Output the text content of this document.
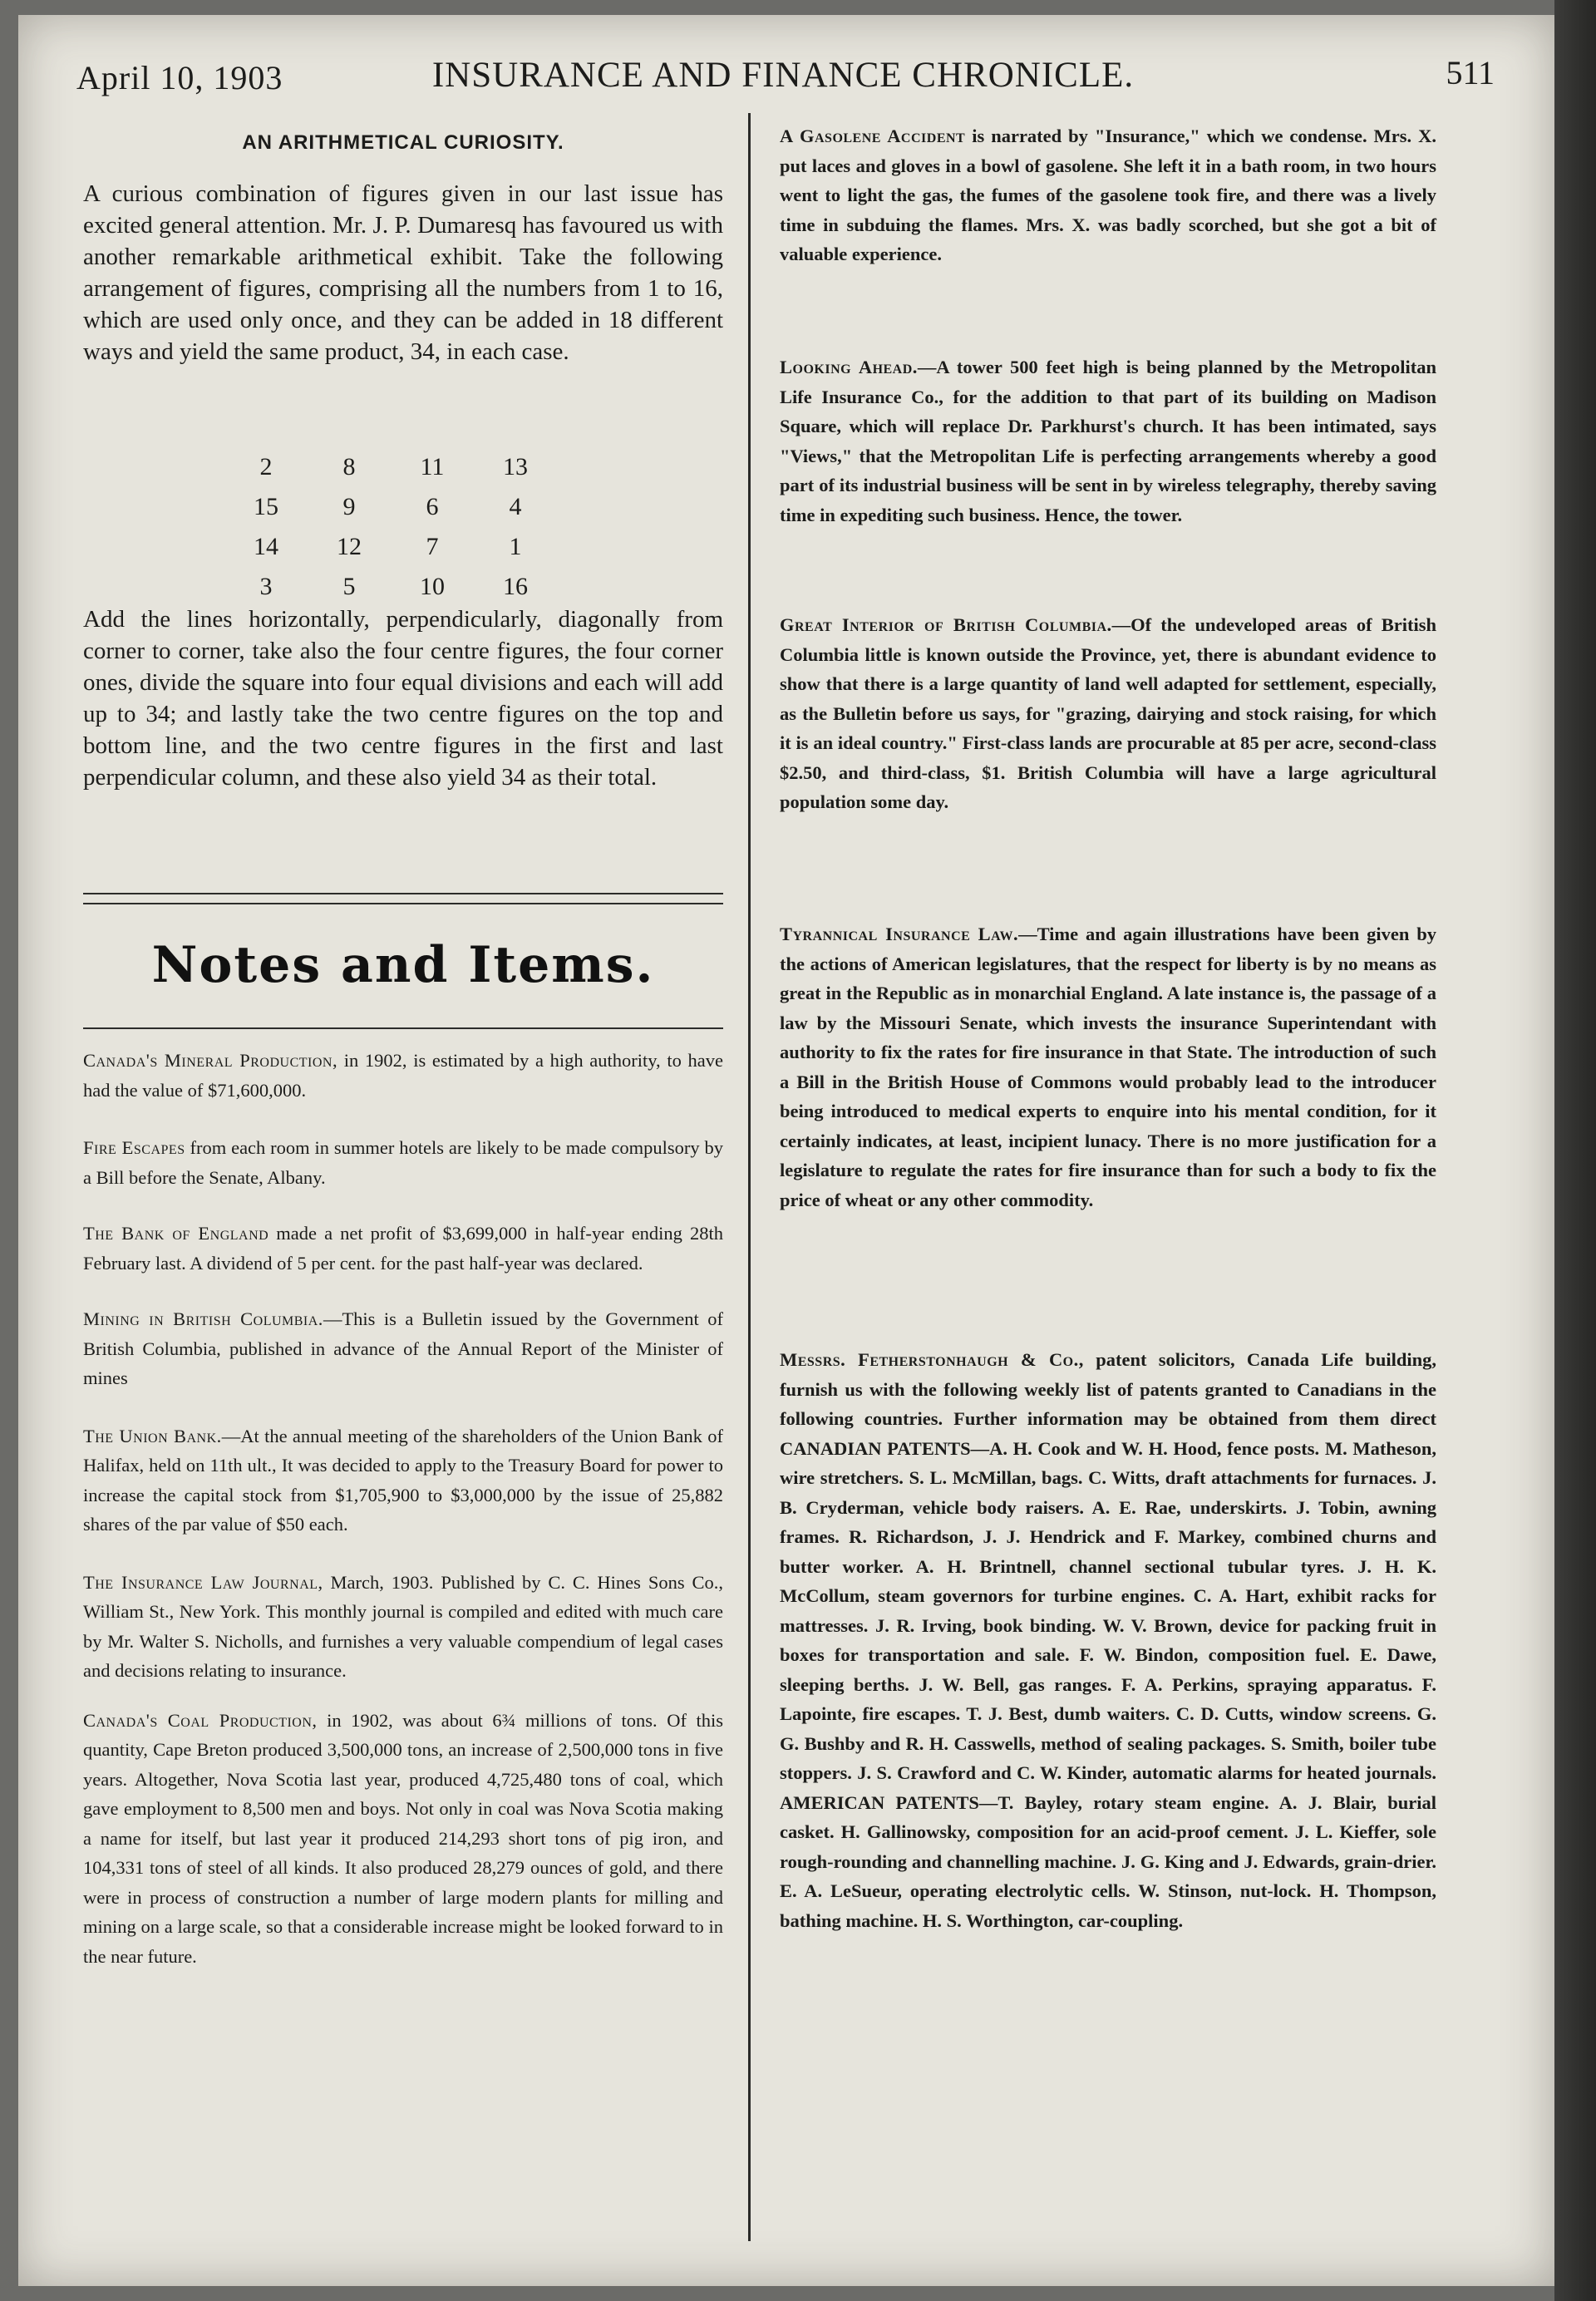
April 10, 1903	INSURANCE AND FINANCE CHRONICLE.	511
AN ARITHMETICAL CURIOSITY.

A curious combination of figures given in our last issue has excited general attention. Mr. J. P. Dumaresq has favoured us with another remarkable arithmetical exhibit. Take the following arrangement of figures, comprising all the numbers from 1 to 16, which are used only once, and they can be added in 18 different ways and yield the same product, 34, in each case.

2	8	11	13
15	9	6	4
14	12	7	1
3	5	10	16

Add the lines horizontally, perpendicularly, diagonally from corner to corner, take also the four centre figures, the four corner ones, divide the square into four equal divisions and each will add up to 34; and lastly take the two centre figures on the top and bottom line, and the two centre figures in the first and last perpendicular column, and these also yield 34 as their total.

Notes and Items.

Canada's Mineral Production, in 1902, is estimated by a high authority, to have had the value of $71,600,000.

Fire Escapes from each room in summer hotels are likely to be made compulsory by a Bill before the Senate, Albany.

The Bank of England made a net profit of $3,699,000 in half-year ending 28th February last. A dividend of 5 per cent. for the past half-year was declared.

Mining in British Columbia.—This is a Bulletin issued by the Government of British Columbia, published in advance of the Annual Report of the Minister of mines

The Union Bank.—At the annual meeting of the shareholders of the Union Bank of Halifax, held on 11th ult., It was decided to apply to the Treasury Board for power to increase the capital stock from $1,705,900 to $3,000,000 by the issue of 25,882 shares of the par value of $50 each.

The Insurance Law Journal, March, 1903. Published by C. C. Hines Sons Co., William St., New York. This monthly journal is compiled and edited with much care by Mr. Walter S. Nicholls, and furnishes a very valuable compendium of legal cases and decisions relating to insurance.

Canada's Coal Production, in 1902, was about 6¾ millions of tons. Of this quantity, Cape Breton produced 3,500,000 tons, an increase of 2,500,000 tons in five years. Altogether, Nova Scotia last year, produced 4,725,480 tons of coal, which gave employment to 8,500 men and boys. Not only in coal was Nova Scotia making a name for itself, but last year it produced 214,293 short tons of pig iron, and 104,331 tons of steel of all kinds. It also produced 28,279 ounces of gold, and there were in process of construction a number of large modern plants for milling and mining on a large scale, so that a considerable increase might be looked forward to in the near future.

A Gasolene Accident is narrated by "Insurance," which we condense. Mrs. X. put laces and gloves in a bowl of gasolene. She left it in a bath room, in two hours went to light the gas, the fumes of the gasolene took fire, and there was a lively time in subduing the flames. Mrs. X. was badly scorched, but she got a bit of valuable experience.

Looking Ahead.—A tower 500 feet high is being planned by the Metropolitan Life Insurance Co., for the addition to that part of its building on Madison Square, which will replace Dr. Parkhurst's church. It has been intimated, says "Views," that the Metropolitan Life is perfecting arrangements whereby a good part of its industrial business will be sent in by wireless telegraphy, thereby saving time in expediting such business. Hence, the tower.

Great Interior of British Columbia.—Of the undeveloped areas of British Columbia little is known outside the Province, yet, there is abundant evidence to show that there is a large quantity of land well adapted for settlement, especially, as the Bulletin before us says, for "grazing, dairying and stock raising, for which it is an ideal country." First-class lands are procurable at 85 per acre, second-class $2.50, and third-class, $1. British Columbia will have a large agricultural population some day.

Tyrannical Insurance Law.—Time and again illustrations have been given by the actions of American legislatures, that the respect for liberty is by no means as great in the Republic as in monarchial England. A late instance is, the passage of a law by the Missouri Senate, which invests the insurance Superintendant with authority to fix the rates for fire insurance in that State. The introduction of such a Bill in the British House of Commons would probably lead to the introducer being introduced to medical experts to enquire into his mental condition, for it certainly indicates, at least, incipient lunacy. There is no more justification for a legislature to regulate the rates for fire insurance than for such a body to fix the price of wheat or any other commodity.

Messrs. Fetherstonhaugh & Co., patent solicitors, Canada Life building, furnish us with the following weekly list of patents granted to Canadians in the following countries. Further information may be obtained from them direct CANADIAN PATENTS—A. H. Cook and W. H. Hood, fence posts. M. Matheson, wire stretchers. S. L. McMillan, bags. C. Witts, draft attachments for furnaces. J. B. Cryderman, vehicle body raisers. A. E. Rae, underskirts. J. Tobin, awning frames. R. Richardson, J. J. Hendrick and F. Markey, combined churns and butter worker. A. H. Brintnell, channel sectional tubular tyres. J. H. K. McCollum, steam governors for turbine engines. C. A. Hart, exhibit racks for mattresses. J. R. Irving, book binding. W. V. Brown, device for packing fruit in boxes for transportation and sale. F. W. Bindon, composition fuel. E. Dawe, sleeping berths. J. W. Bell, gas ranges. F. A. Perkins, spraying apparatus. F. Lapointe, fire escapes. T. J. Best, dumb waiters. C. D. Cutts, window screens. G. G. Bushby and R. H. Casswells, method of sealing packages. S. Smith, boiler tube stoppers. J. S. Crawford and C. W. Kinder, automatic alarms for heated journals. AMERICAN PATENTS—T. Bayley, rotary steam engine. A. J. Blair, burial casket. H. Gallinowsky, composition for an acid-proof cement. J. L. Kieffer, sole rough-rounding and channelling machine. J. G. King and J. Edwards, grain-drier. E. A. LeSueur, operating electrolytic cells. W. Stinson, nut-lock. H. Thompson, bathing machine. H. S. Worthington, car-coupling.
